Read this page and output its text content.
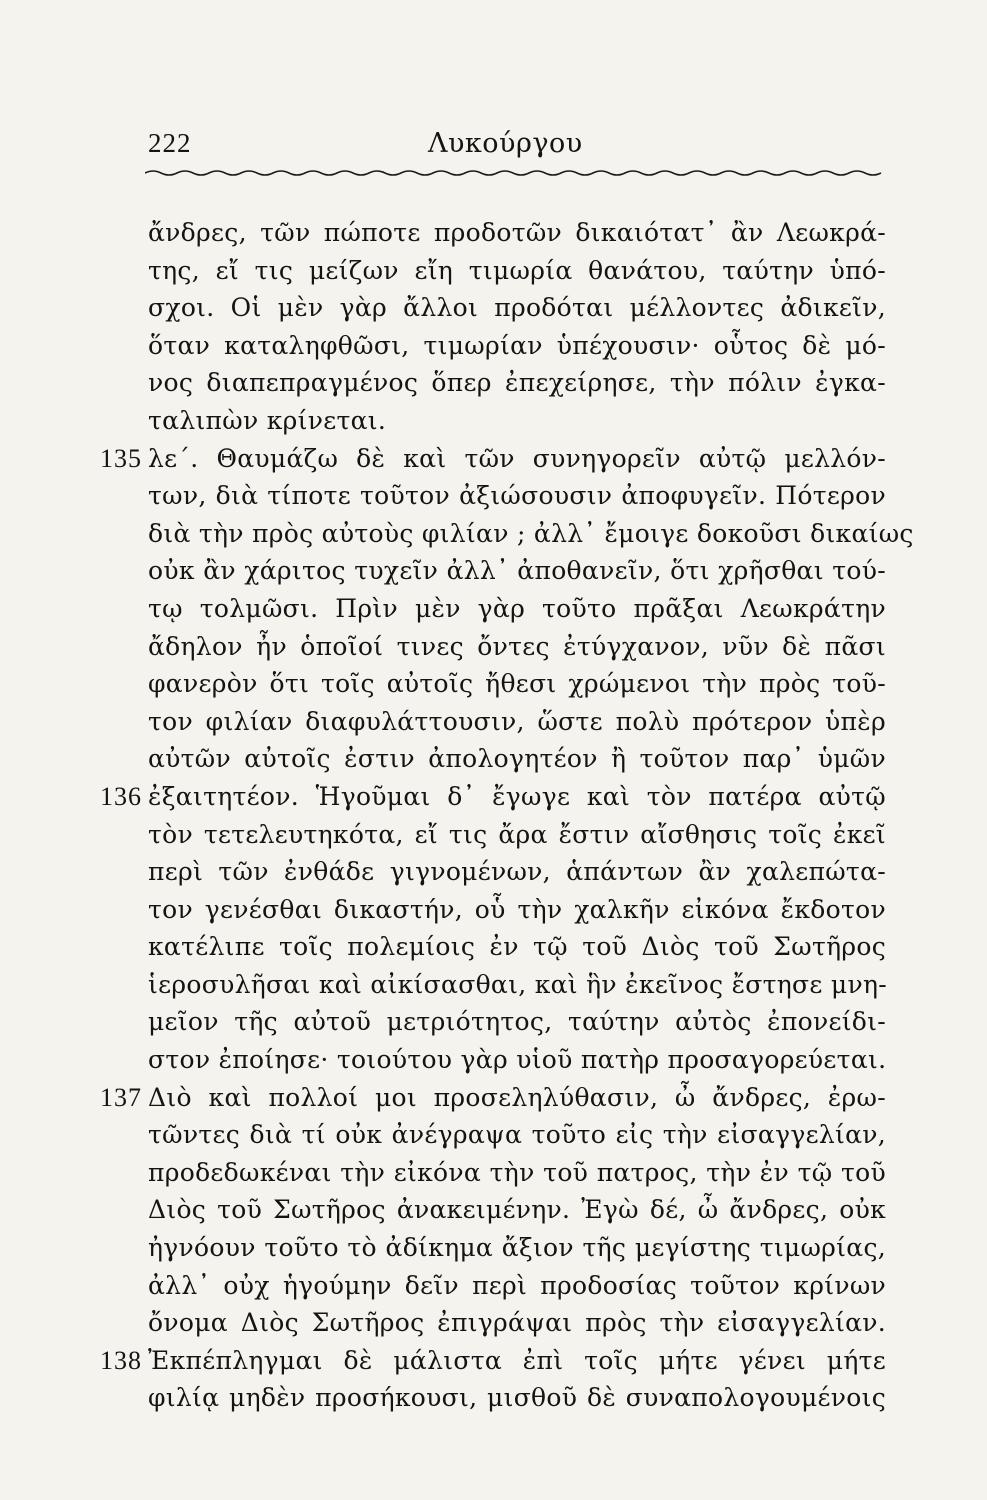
222	Λυκούργου
135
136
137
138
ἄνδρες, τῶν πώποτε προδοτῶν δικαιότατ᾽ ἂν Λεωκρά-
της, εἴ τις μείζων εἴη τιμωρία θανάτου, ταύτην ὑπό-
σχοι. Οἱ μὲν γὰρ ἄλλοι προδόται μέλλοντες ἀδικεῖν,
ὅταν καταληφθῶσι, τιμωρίαν ὑπέχουσιν· οὗτος δὲ μό-
νος διαπεπραγμένος ὅπερ ἐπεχείρησε, τὴν πόλιν ἐγκα-
ταλιπὼν κρίνεται.
λε΄. Θαυμάζω δὲ καὶ τῶν συνηγορεῖν αὐτῷ μελλόν-
των, διὰ τίποτε τοῦτον ἀξιώσουσιν ἀποφυγεῖν. Πότερον
διὰ τὴν πρὸς αὐτοὺς φιλίαν ; ἀλλ᾽ ἔμοιγε δοκοῦσι δικαίως
οὐκ ἂν χάριτος τυχεῖν ἀλλ᾽ ἀποθανεῖν, ὅτι χρῆσθαι τού-
τῳ τολμῶσι. Πρὶν μὲν γὰρ τοῦτο πρᾶξαι Λεωκράτην
ἄδηλον ἦν ὁποῖοί τινες ὄντες ἐτύγχανον, νῦν δὲ πᾶσι
φανερὸν ὅτι τοῖς αὐτοῖς ἤθεσι χρώμενοι τὴν πρὸς τοῦ-
τον φιλίαν διαφυλάττουσιν, ὥστε πολὺ πρότερον ὑπὲρ
αὐτῶν αὐτοῖς ἐστιν ἀπολογητέον ἢ τοῦτον παρ᾽ ὑμῶν
ἐξαιτητέον. Ἡγοῦμαι δ᾽ ἔγωγε καὶ τὸν πατέρα αὐτῷ
τὸν τετελευτηκότα, εἴ τις ἄρα ἔστιν αἴσθησις τοῖς ἐκεῖ
περὶ τῶν ἐνθάδε γιγνομένων, ἁπάντων ἂν χαλεπώτα-
τον γενέσθαι δικαστήν, οὗ τὴν χαλκῆν εἰκόνα ἔκδοτον
κατέλιπε τοῖς πολεμίοις ἐν τῷ τοῦ Διὸς τοῦ Σωτῆρος
ἱεροσυλῆσαι καὶ αἰκίσασθαι, καὶ ἣν ἐκεῖνος ἔστησε μνη-
μεῖον τῆς αὐτοῦ μετριότητος, ταύτην αὐτὸς ἐπονείδι-
στον ἐποίησε· τοιούτου γὰρ υἱοῦ πατὴρ προσαγορεύεται.
Διὸ καὶ πολλοί μοι προσεληλύθασιν, ὦ ἄνδρες, ἐρω-
τῶντες διὰ τί οὐκ ἀνέγραψα τοῦτο εἰς τὴν εἰσαγγελίαν,
προδεδωκέναι τὴν εἰκόνα τὴν τοῦ πατρος, τὴν ἐν τῷ τοῦ
Διὸς τοῦ Σωτῆρος ἀνακειμένην. Ἐγὼ δέ, ὦ ἄνδρες, οὐκ
ἠγνόουν τοῦτο τὸ ἀδίκημα ἄξιον τῆς μεγίστης τιμωρίας,
ἀλλ᾽ οὐχ ἡγούμην δεῖν περὶ προδοσίας τοῦτον κρίνων
ὄνομα Διὸς Σωτῆρος ἐπιγράψαι πρὸς τὴν εἰσαγγελίαν.
Ἐκπέπληγμαι δὲ μάλιστα ἐπὶ τοῖς μήτε γένει μήτε
φιλίᾳ μηδὲν προσήκουσι, μισθοῦ δὲ συναπολογουμένοις
